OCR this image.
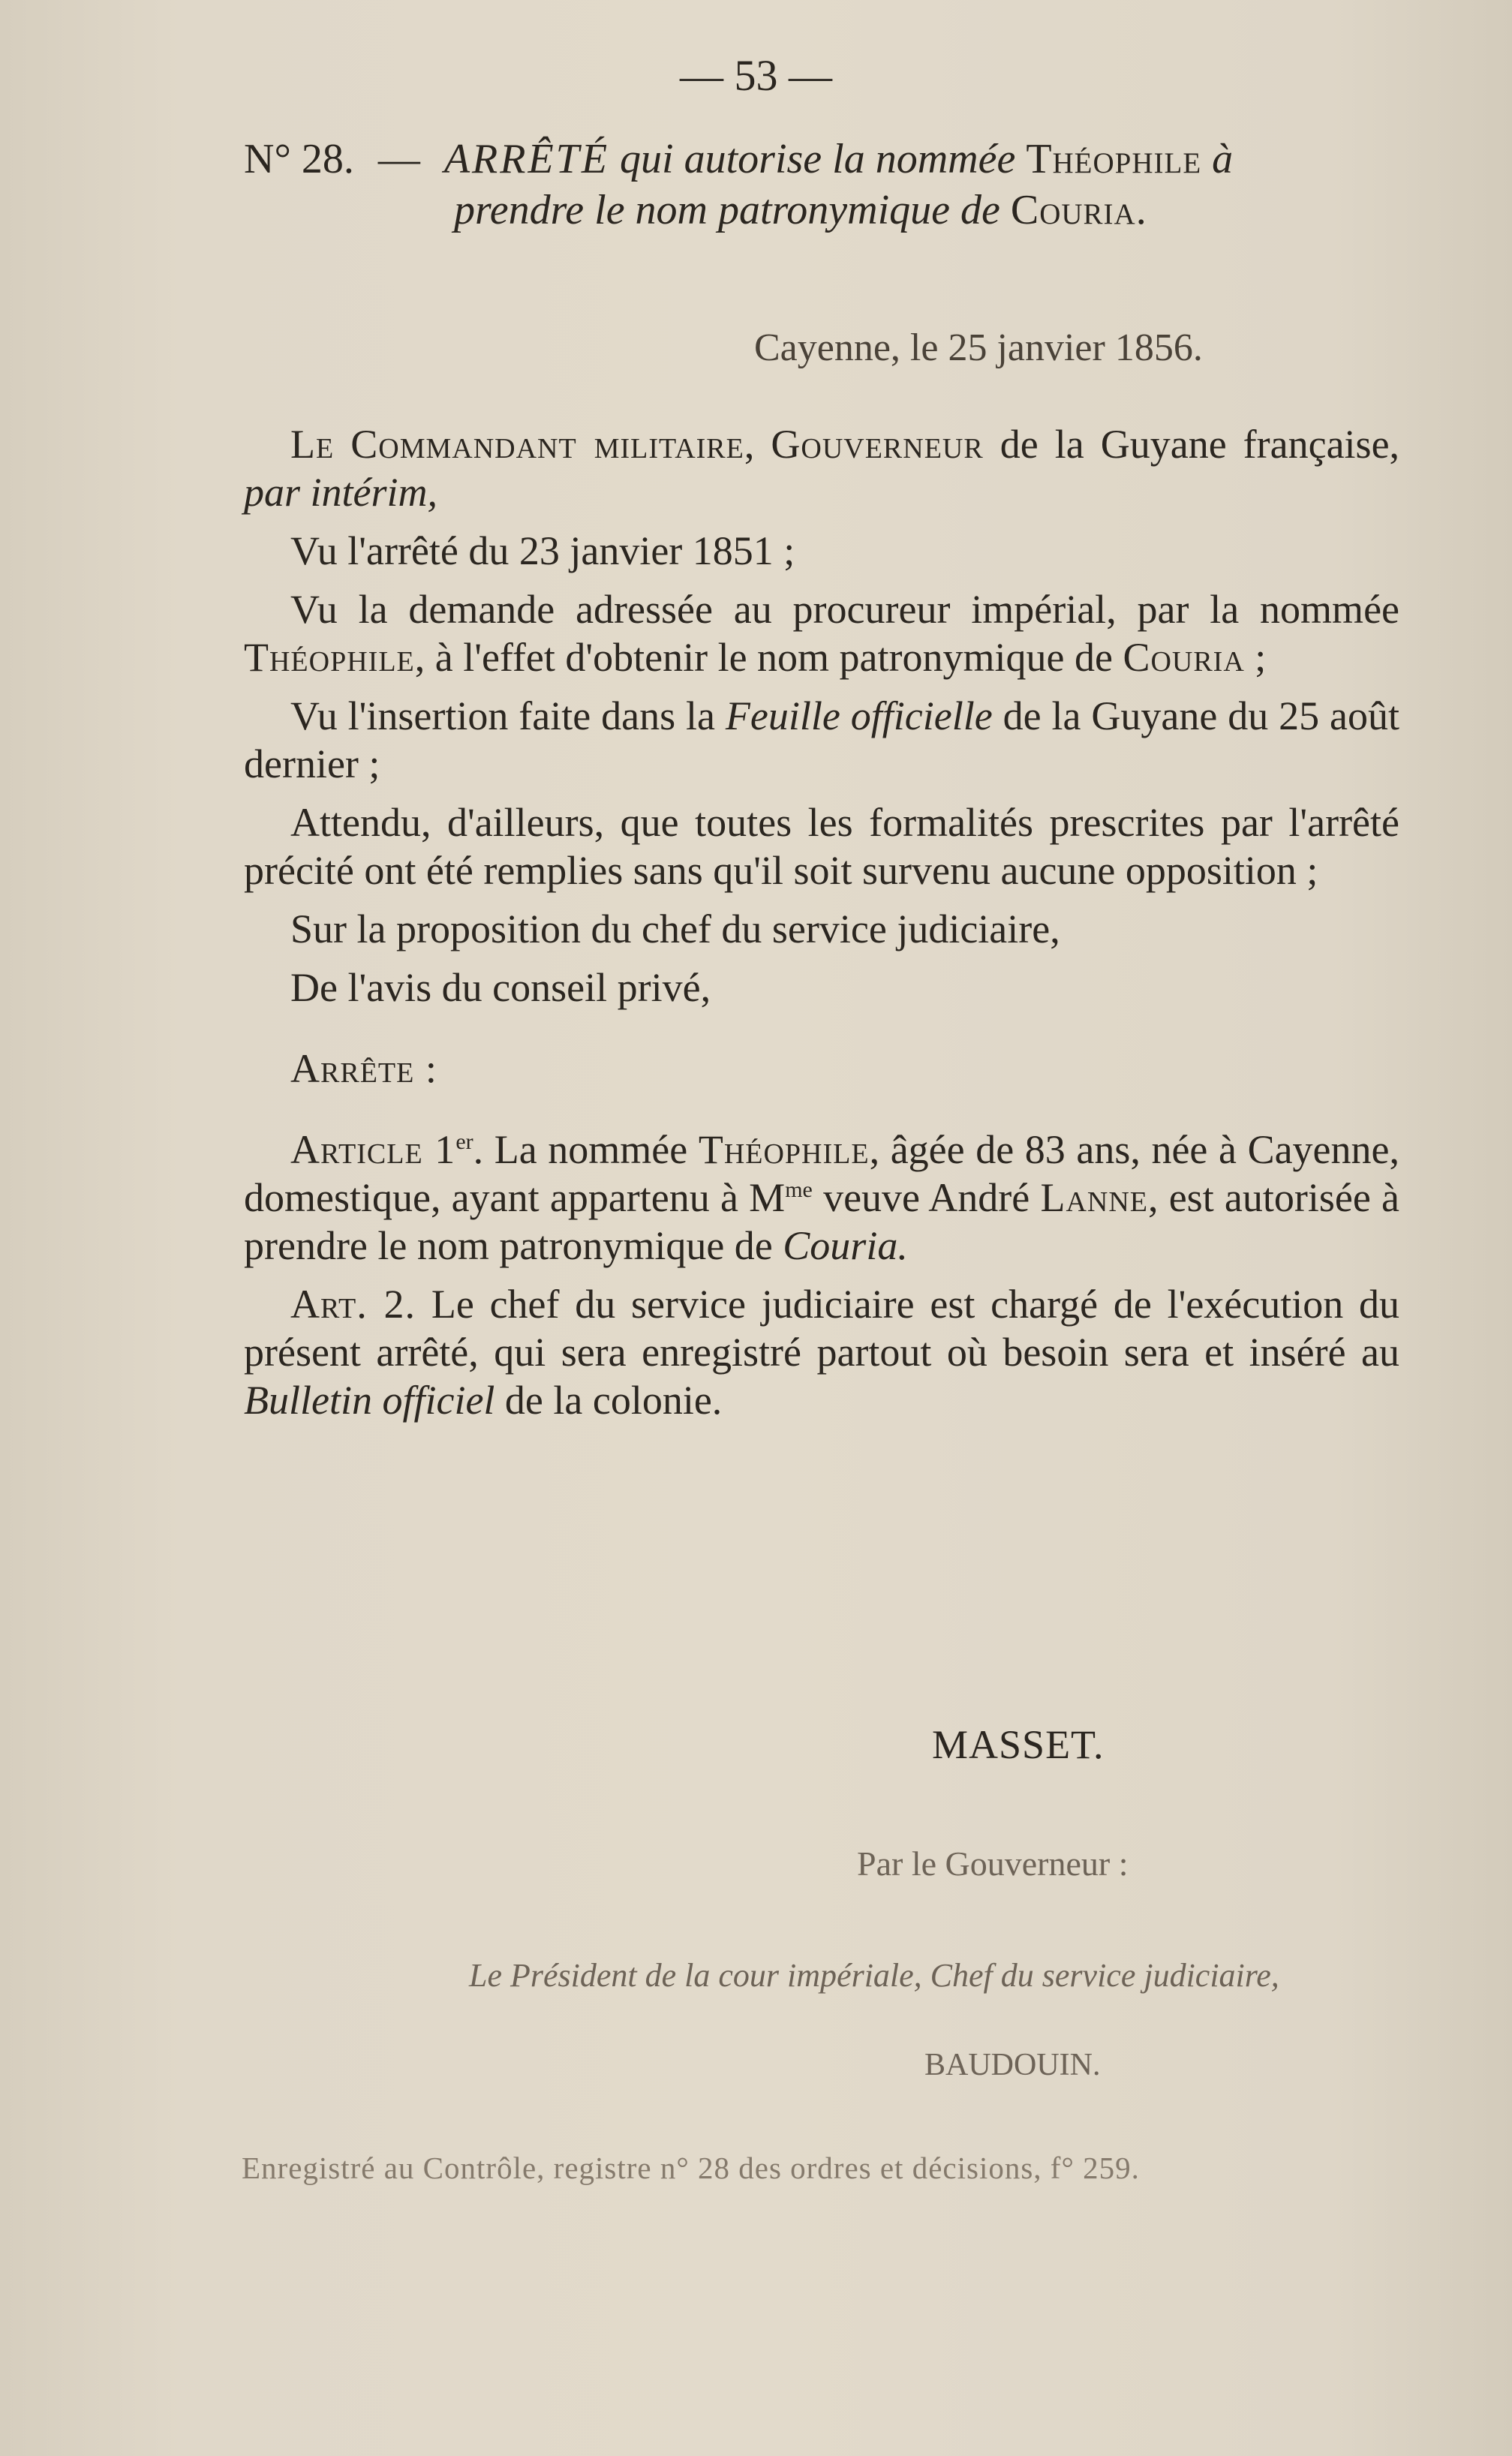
— 53 —
N° 28. — ARRÊTÉ qui autorise la nommée Théophile à
prendre le nom patronymique de Couria.
Cayenne, le 25 janvier 1856.

Le Commandant militaire, Gouverneur de la Guyane française, par intérim,

Vu l'arrêté du 23 janvier 1851 ;

Vu la demande adressée au procureur impérial, par la nommée Théophile, à l'effet d'obtenir le nom patronymique de Couria ;

Vu l'insertion faite dans la Feuille officielle de la Guyane du 25 août dernier ;

Attendu, d'ailleurs, que toutes les formalités prescrites par l'arrêté précité ont été remplies sans qu'il soit survenu aucune opposition ;

Sur la proposition du chef du service judiciaire,

De l'avis du conseil privé,

Arrête :

Article 1er. La nommée Théophile, âgée de 83 ans, née à Cayenne, domestique, ayant appartenu à $M^{me}$ veuve André Lanne, est autorisée à prendre le nom patronymique de Couria.

Art. 2. Le chef du service judiciaire est chargé de l'exécution du présent arrêté, qui sera enregistré partout où besoin sera et inséré au Bulletin officiel de la colonie.

MASSET.
Par le Gouverneur :
Le Président de la cour impériale, Chef du service judiciaire,
BAUDOUIN.
Enregistré au Contrôle, registre n° 28 des ordres et décisions, f° 259.
